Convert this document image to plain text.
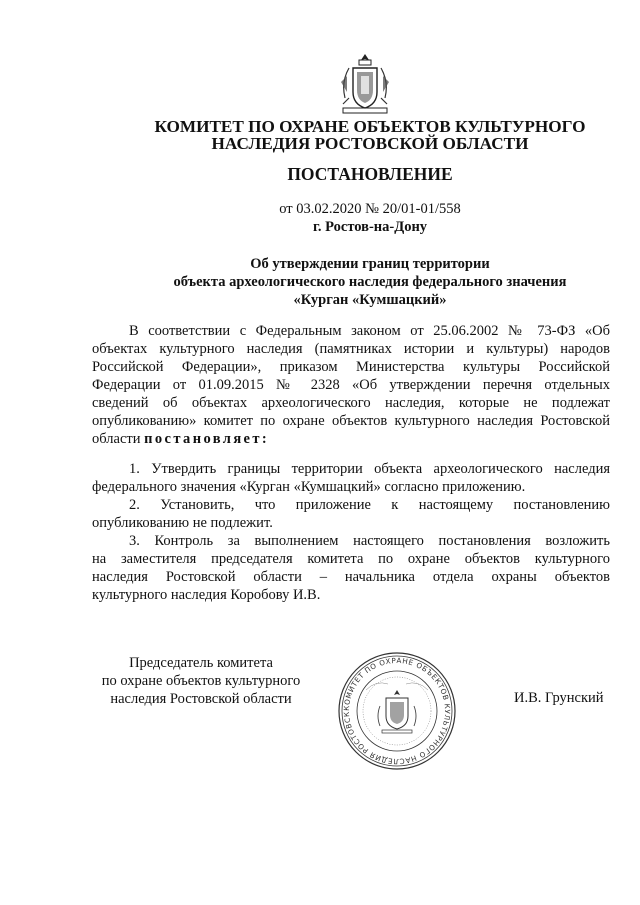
КОМИТЕТ ПО ОХРАНЕ ОБЪЕКТОВ КУЛЬТУРНОГО
НАСЛЕДИЯ РОСТОВСКОЙ ОБЛАСТИ
ПОСТАНОВЛЕНИЕ
от 03.02.2020 № 20/01-01/558
г. Ростов-на-Дону
Об утверждении границ территории
объекта археологического наследия федерального значения
«Курган «Кумшацкий»
В соответствии с Федеральным законом от 25.06.2002 № 73-ФЗ «Об
объектах культурного наследия (памятниках истории и культуры) народов
Российской Федерации», приказом Министерства культуры Российской
Федерации от 01.09.2015 № 2328 «Об утверждении перечня отдельных
сведений об объектах археологического наследия, которые не подлежат
опубликованию» комитет по охране объектов культурного наследия Ростовской
области постановляет:
1. Утвердить границы территории объекта археологического наследия
федерального значения «Курган «Кумшацкий» согласно приложению.
2. Установить, что приложение к настоящему постановлению
опубликованию не подлежит.
3. Контроль за выполнением настоящего постановления возложить
на заместителя председателя комитета по охране объектов культурного
наследия Ростовской области – начальника отдела охраны объектов
культурного наследия Коробову И.В.
Председатель комитета
по охране объектов культурного
наследия Ростовской области
КОМИТЕТ ПО ОХРАНЕ ОБЪЕКТОВ КУЛЬТУРНОГО НАСЛЕДИЯ РОСТОВСК
И.В. Грунский
